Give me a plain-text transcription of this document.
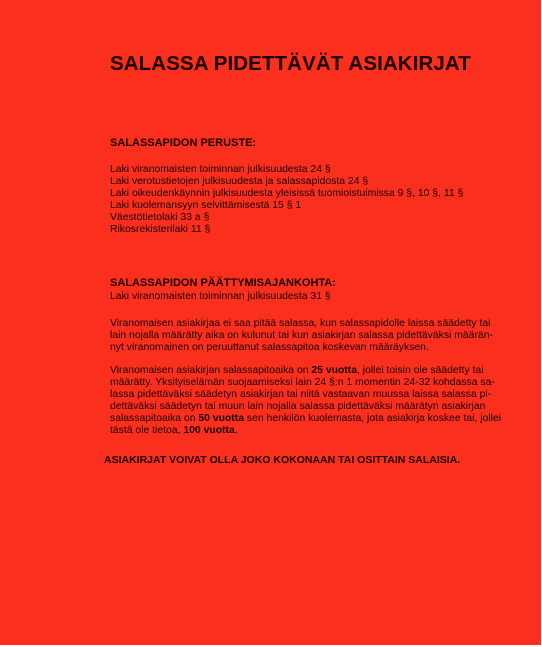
SALASSA PIDETTÄVÄT ASIAKIRJAT
SALASSAPIDON PERUSTE:

Laki viranomaisten toiminnan julkisuudesta 24 §

Laki verotustietojen julkisuudesta ja salassapidosta 24 §

Laki oikeudenkäynnin julkisuudesta yleisissä tuomioistuimissa 9 §, 10 §, 11 §

Laki kuolemansyyn selvittämisestä 15 § 1

Väestötietolaki 33 a §

Rikosrekisterilaki 11 §

SALASSAPIDON PÄÄTTYMISAJANKOHTA:

Laki viranomaisten toiminnan julkisuudesta 31 §

Viranomaisen asiakirjaa ei saa pitää salassa, kun salassapidolle laissa säädetty tai

lain nojalla määrätty aika on kulunut tai kun asiakirjan salassa pidettäväksi määrän-

nyt viranomainen on peruuttanut salassapitoa koskevan määräyksen.

Viranomaisen asiakirjan salassapitoaika on 25 vuotta, jollei toisin ole säädetty tai

määrätty. Yksityiselämän suojaamiseksi lain 24 §:n 1 momentin 24-32 kohdassa sa-

lassa pidettäväksi säädetyn asiakirjan tai niitä vastaavan muussa laissa salassa pi-

dettäväksi säädetyn tai muun lain nojalla salassa pidettäväksi määrätyn asiakirjan

salassapitoaika on 50 vuotta sen henkilön kuolemasta, jota asiakirja koskee tai, jollei

tästä ole tietoa, 100 vuotta.

ASIAKIRJAT VOIVAT OLLA JOKO KOKONAAN TAI OSITTAIN SALAISIA.
